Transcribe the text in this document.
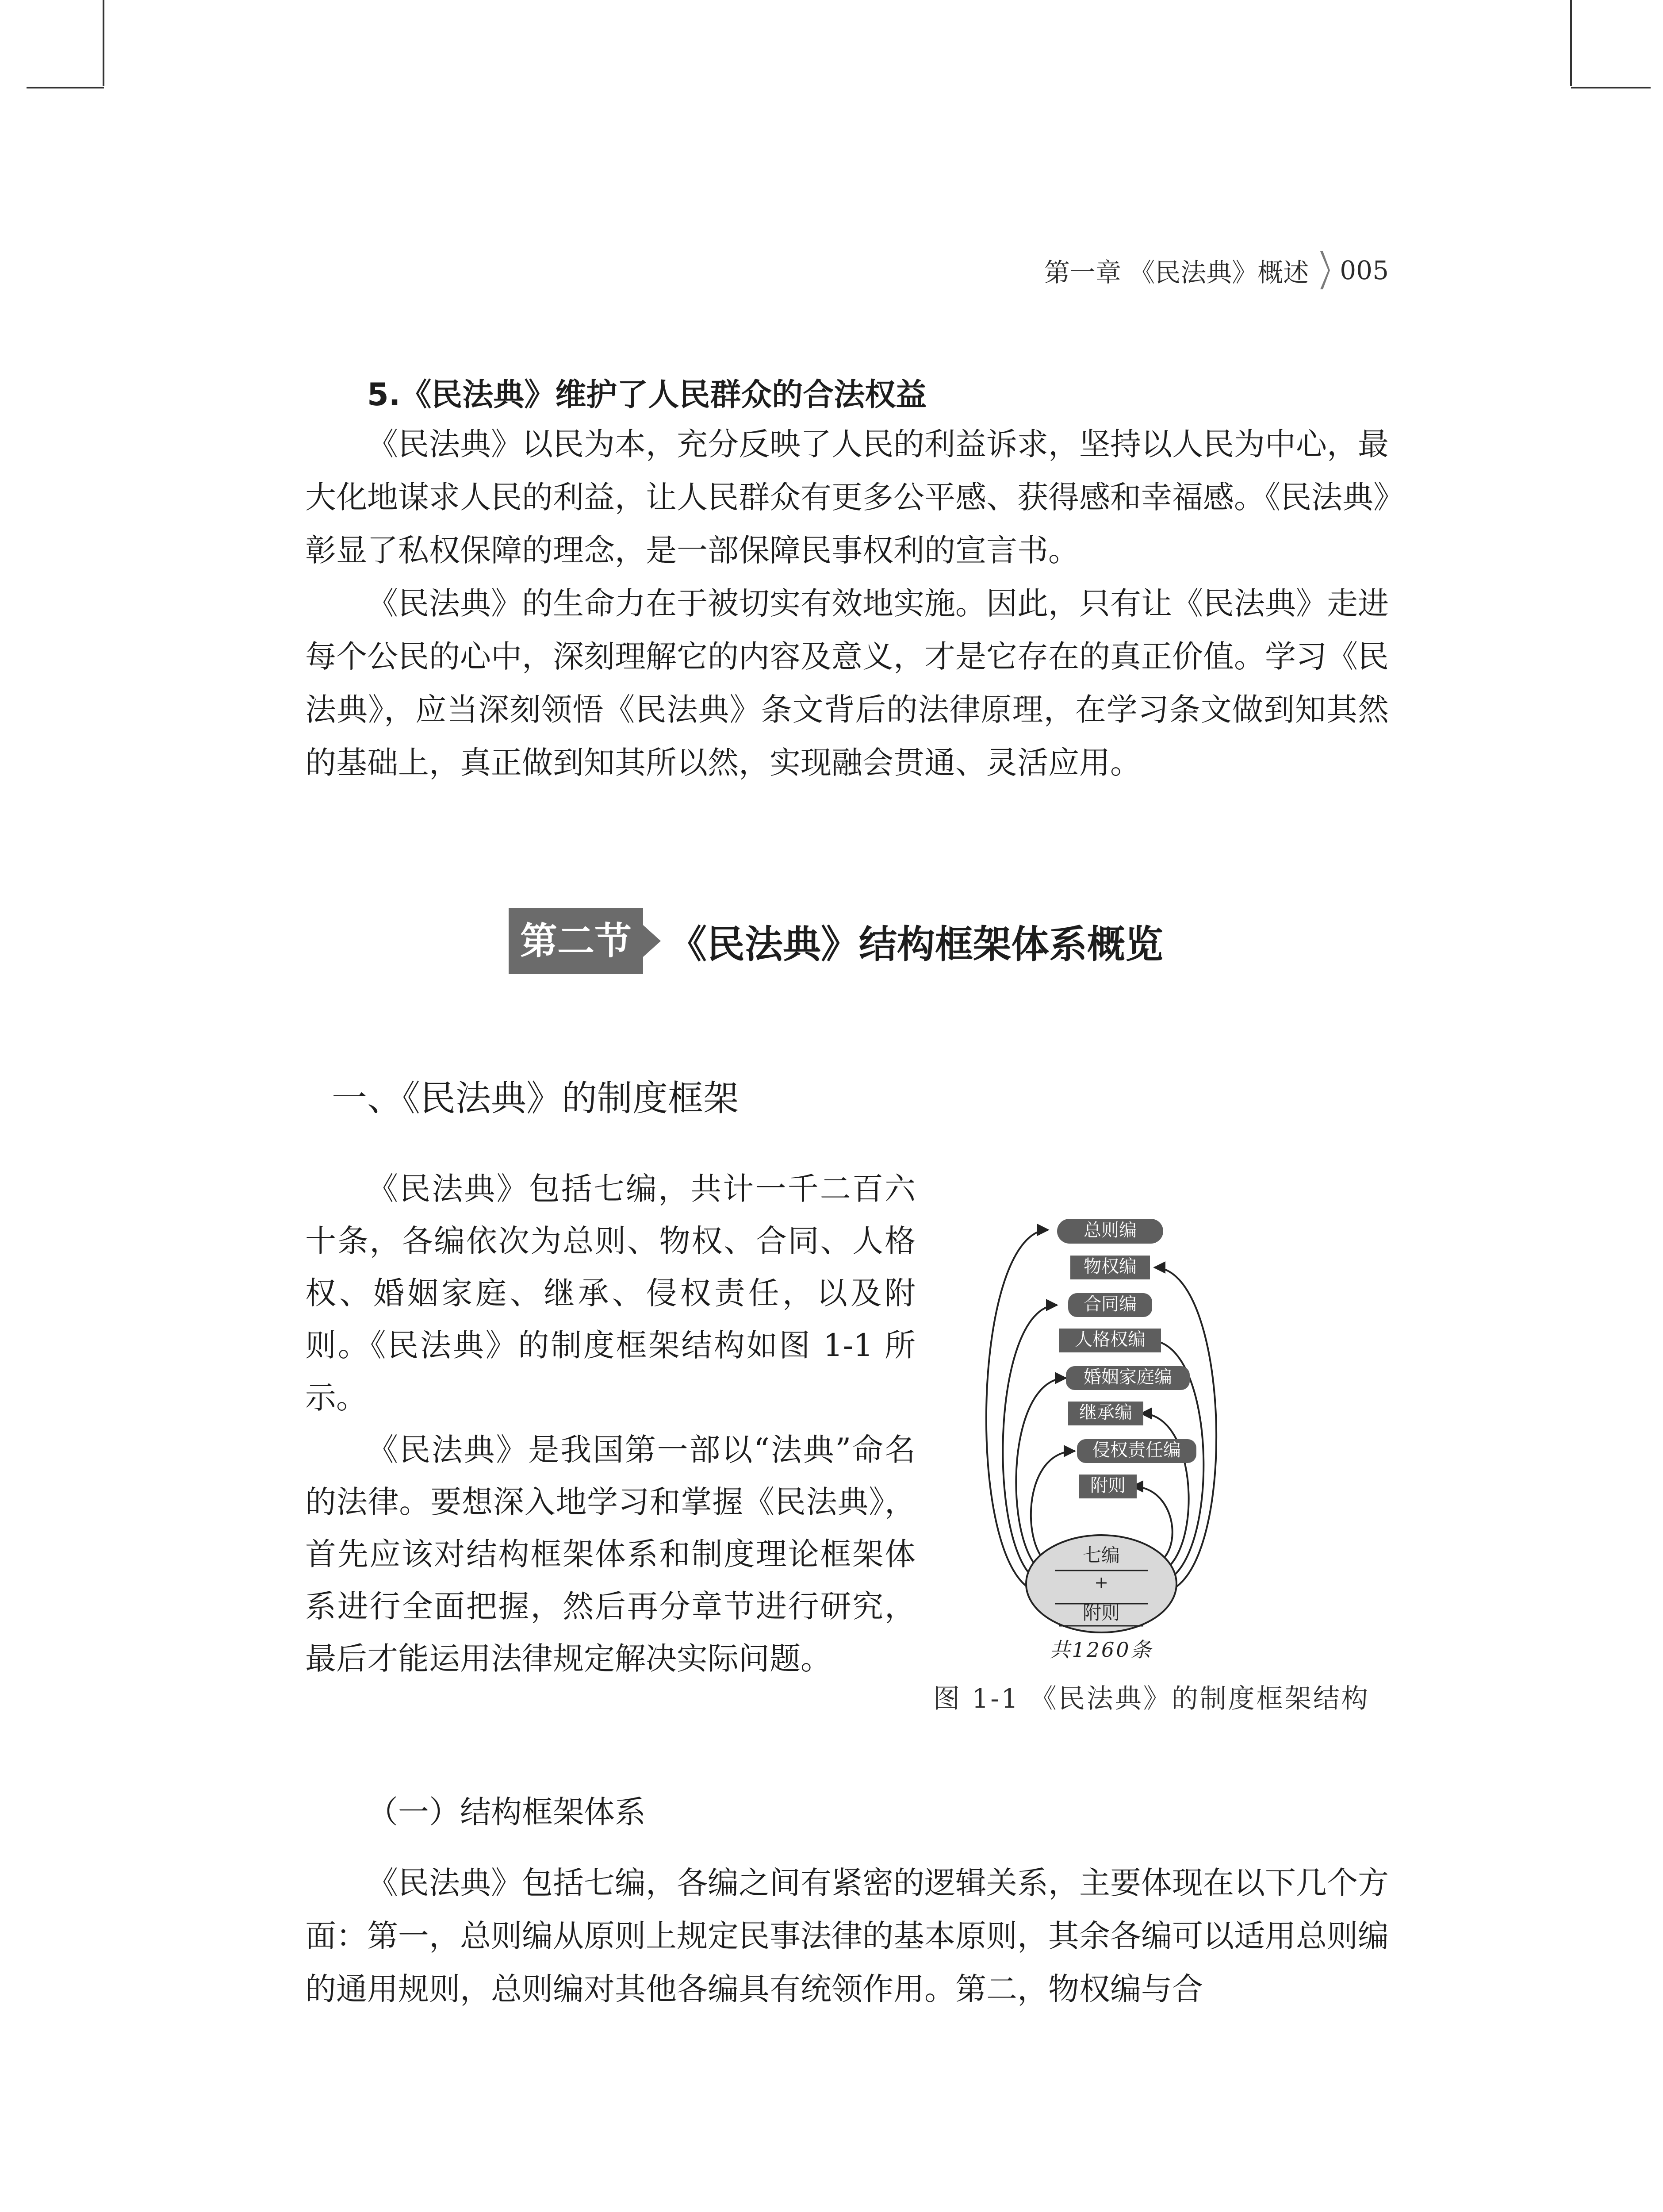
第一章 《民法典》概述 005
5.《民法典》维护了人民群众的合法权益
《民法典》以民为本，充分反映了人民的利益诉求，坚持以人民为中心，最大化地谋求人民的利益，让人民群众有更多公平感、获得感和幸福感。《民法典》彰显了私权保障的理念，是一部保障民事权利的宣言书。
《民法典》的生命力在于被切实有效地实施。因此，只有让《民法典》走进每个公民的心中，深刻理解它的内容及意义，才是它存在的真正价值。学习《民法典》，应当深刻领悟《民法典》条文背后的法律原理，在学习条文做到知其然的基础上，真正做到知其所以然，实现融会贯通、灵活应用。
第二节 《民法典》结构框架体系概览
一、《民法典》的制度框架
《民法典》包括七编，共计一千二百六十条，各编依次为总则、物权、合同、人格权、婚姻家庭、继承、侵权责任，以及附则。《民法典》的制度框架结构如图 1-1 所示。
《民法典》是我国第一部以“法典”命名的法律。要想深入地学习和掌握《民法典》，首先应该对结构框架体系和制度理论框架体系进行全面把握，然后再分章节进行研究，最后才能运用法律规定解决实际问题。
总则编
物权编
合同编
人格权编
婚姻家庭编
继承编
侵权责任编
附则
七编
+
附则
共1260条
图 1-1 《民法典》的制度框架结构
（一）结构框架体系
《民法典》包括七编，各编之间有紧密的逻辑关系，主要体现在以下几个方面：第一，总则编从原则上规定民事法律的基本原则，其余各编可以适用总则编的通用规则，总则编对其他各编具有统领作用。第二，物权编与合
